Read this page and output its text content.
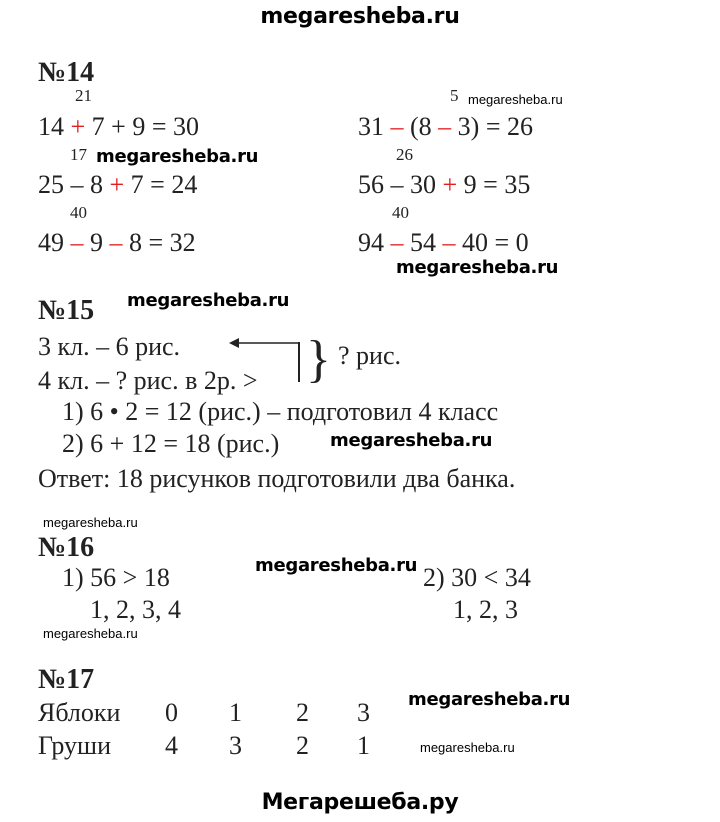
megaresheba.ru
№14
21
14 + 7 + 9 = 30
17
25 – 8 + 7 = 24
40
49 – 9 – 8 = 32
5
31 – (8 – 3) = 26
26
56 – 30 + 9 = 35
40
94 – 54 – 40 = 0
megaresheba.ru
megaresheba.ru
megaresheba.ru
№15 megaresheba.ru
3 кл. – 6 рис.
4 кл. – ? рис. в 2р. > } ? рис.
1) 6 • 2 = 12 (рис.) – подготовил 4 класс
2) 6 + 12 = 18 (рис.)	megaresheba.ru
Ответ: 18 рисунков подготовили два банка.
megaresheba.ru
№16
1) 56 > 18
1, 2, 3, 4
2) 30 < 34
1, 2, 3
megaresheba.ru
megaresheba.ru
№17
megaresheba.ru
Яблоки 0 1 2 3
megaresheba.ru
Груши 4 3 2 1
Мегарешеба.ру
